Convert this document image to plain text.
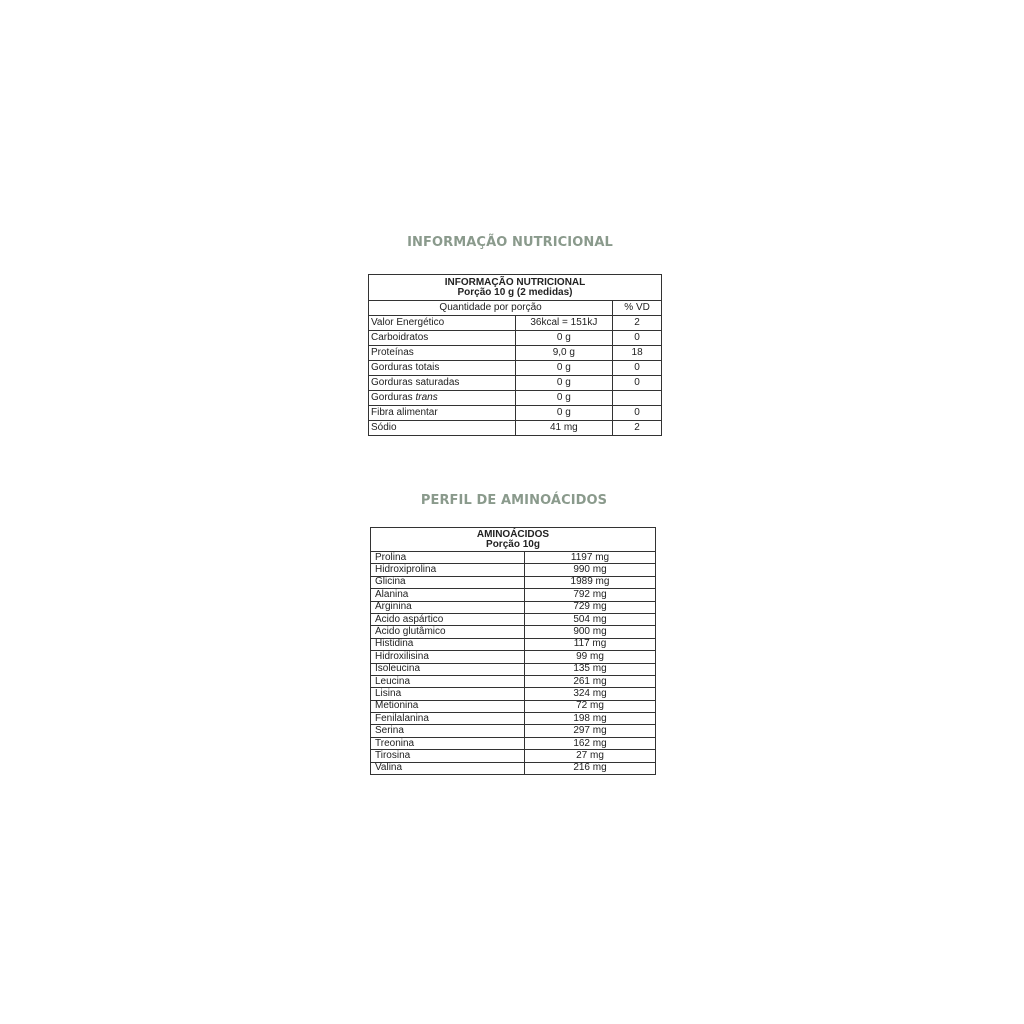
INFORMAÇÃO NUTRICIONAL
INFORMAÇÃO NUTRICIONAL
Porção 10 g (2 medidas)		

Quantidade por porção		% VD
Valor Energético	36kcal = 151kJ	2
Carboidratos	0 g	0
Proteínas	9,0 g	18
Gorduras totais	0 g	0
Gorduras saturadas	0 g	0
Gorduras trans	0 g	
Fibra alimentar	0 g	0
Sódio	41 mg	2
PERFIL DE AMINOÁCIDOS
AMINOÁCIDOS
Porção 10g	

Prolina	1197 mg
Hidroxiprolina	990 mg
Glicina	1989 mg
Alanina	792 mg
Arginina	729 mg
Ácido aspártico	504 mg
Ácido glutâmico	900 mg
Histidina	117 mg
Hidroxilisina	99 mg
Isoleucina	135 mg
Leucina	261 mg
Lisina	324 mg
Metionina	72 mg
Fenilalanina	198 mg
Serina	297 mg
Treonina	162 mg
Tirosina	27 mg
Valina	216 mg
